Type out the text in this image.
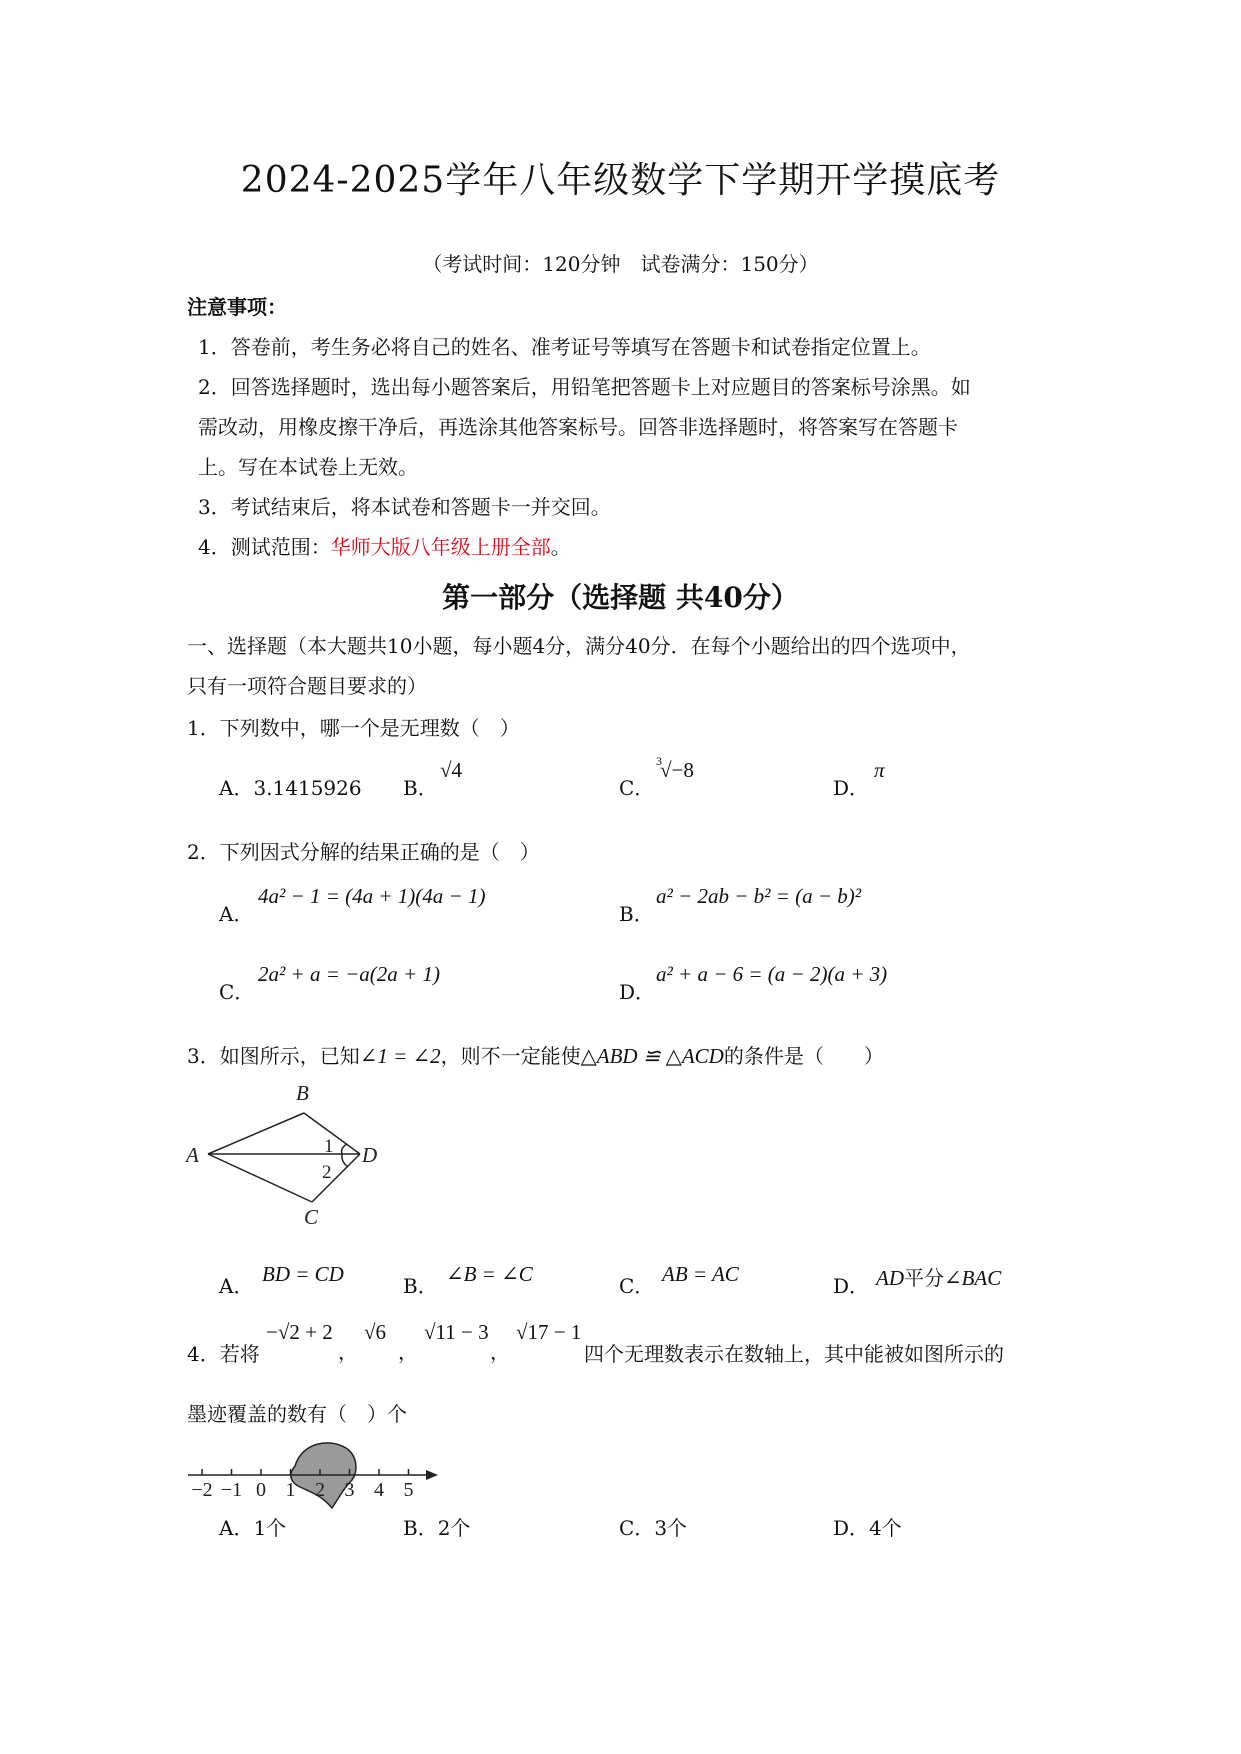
2024-2025学年八年级数学下学期开学摸底考
（考试时间：120分钟　试卷满分：150分）
注意事项：
1．答卷前，考生务必将自己的姓名、准考证号等填写在答题卡和试卷指定位置上。
2．回答选择题时，选出每小题答案后，用铅笔把答题卡上对应题目的答案标号涂黑。如
需改动，用橡皮擦干净后，再选涂其他答案标号。回答非选择题时，将答案写在答题卡
上。写在本试卷上无效。
3．考试结束后，将本试卷和答题卡一并交回。
4．测试范围：华师大版八年级上册全部。
第一部分（选择题 共40分）
一、选择题（本大题共10小题，每小题4分，满分40分．在每个小题给出的四个选项中，
只有一项符合题目要求的）
1．下列数中，哪一个是无理数（　）
A．3.1415926 B．
√4
C．
3
√−8
D．
π
2．下列因式分解的结果正确的是（　）
A．
4a² − 1 = (4a + 1)(4a − 1)
B．
a² − 2ab − b² = (a − b)²
C．
2a² + a = −a(2a + 1)
D．
a² + a − 6 = (a − 2)(a + 3)
3．如图所示，已知∠1 = ∠2，则不一定能使△ABD ≌ △ACD的条件是（　　）
B
A	D
C
1
2
A． BD = CD	B． ∠B = ∠C	C． AB = AC	D． AD平分∠BAC
4．若将
−√2 + 2
，
√6
，
√11 − 3
，
√17 − 1
四个无理数表示在数轴上，其中能被如图所示的
墨迹覆盖的数有（　）个
−2 −1 0 1 2 3 4 5
A．1个	B．2个	C．3个	D．4个
